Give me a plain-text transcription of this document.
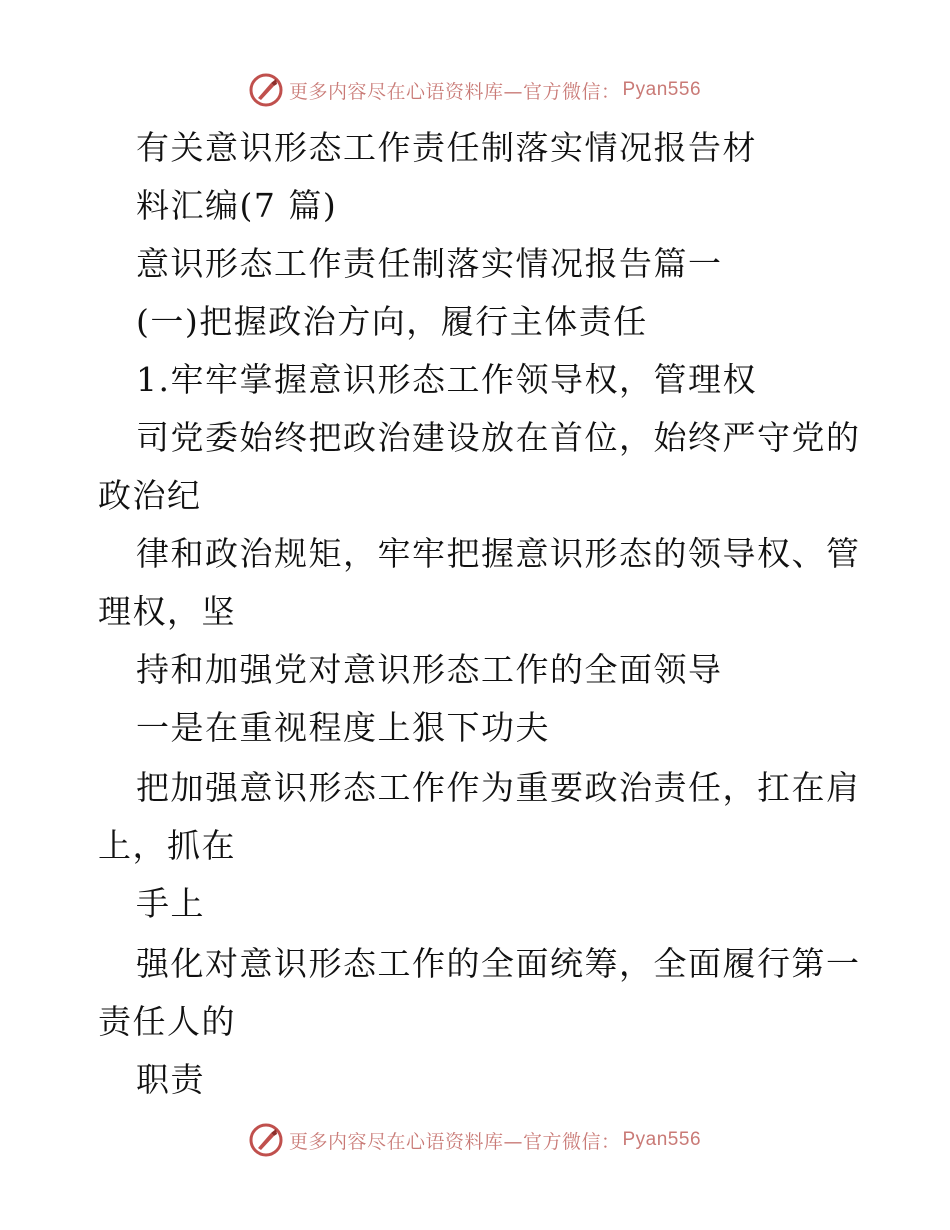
更多内容尽在心语资料库—官方微信： Pyan556
有关意识形态工作责任制落实情况报告材
料汇编(7 篇)
意识形态工作责任制落实情况报告篇一
(一)把握政治方向，履行主体责任
1.牢牢掌握意识形态工作领导权，管理权
司党委始终把政治建设放在首位，始终严守党的
政治纪
律和政治规矩，牢牢把握意识形态的领导权、管
理权，坚
持和加强党对意识形态工作的全面领导
一是在重视程度上狠下功夫
把加强意识形态工作作为重要政治责任，扛在肩
上，抓在
手上
强化对意识形态工作的全面统筹，全面履行第一
责任人的
职责
更多内容尽在心语资料库—官方微信： Pyan556
